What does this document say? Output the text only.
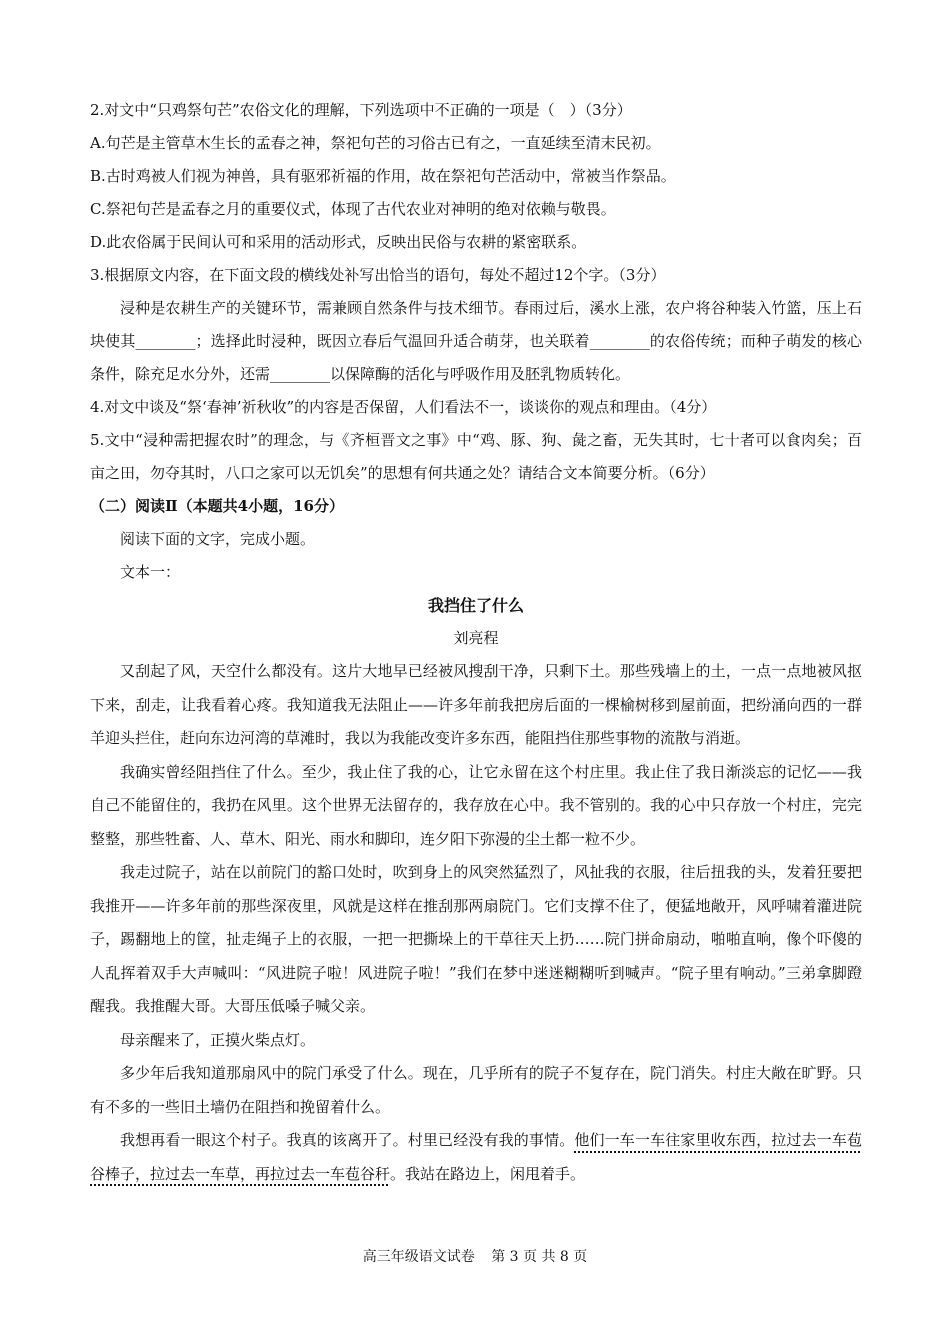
2.对文中“只鸡祭句芒”农俗文化的理解，下列选项中不正确的一项是（　）（3分）

A.句芒是主管草木生长的孟春之神，祭祀句芒的习俗古已有之，一直延续至清末民初。

B.古时鸡被人们视为神兽，具有驱邪祈福的作用，故在祭祀句芒活动中，常被当作祭品。

C.祭祀句芒是孟春之月的重要仪式，体现了古代农业对神明的绝对依赖与敬畏。

D.此农俗属于民间认可和采用的活动形式，反映出民俗与农耕的紧密联系。

3.根据原文内容，在下面文段的横线处补写出恰当的语句，每处不超过12个字。（3分）

浸种是农耕生产的关键环节，需兼顾自然条件与技术细节。春雨过后，溪水上涨，农户将谷种装入竹篮，压上石块使其________；选择此时浸种，既因立春后气温回升适合萌芽，也关联着________的农俗传统；而种子萌发的核心条件，除充足水分外，还需________以保障酶的活化与呼吸作用及胚乳物质转化。

4.对文中谈及“祭‘春神’祈秋收”的内容是否保留，人们看法不一，谈谈你的观点和理由。（4分）

5.文中“浸种需把握农时”的理念，与《齐桓晋文之事》中“鸡、豚、狗、彘之畜，无失其时，七十者可以食肉矣；百亩之田，勿夺其时，八口之家可以无饥矣”的思想有何共通之处？请结合文本简要分析。（6分）

（二）阅读Ⅱ（本题共4小题，16分）

阅读下面的文字，完成小题。

文本一：

我挡住了什么

刘亮程

又刮起了风，天空什么都没有。这片大地早已经被风搜刮干净，只剩下土。那些残墙上的土，一点一点地被风抠下来，刮走，让我看着心疼。我知道我无法阻止——许多年前我把房后面的一棵榆树移到屋前面，把纷涌向西的一群羊迎头拦住，赶向东边河湾的草滩时，我以为我能改变许多东西，能阻挡住那些事物的流散与消逝。

我确实曾经阻挡住了什么。至少，我止住了我的心，让它永留在这个村庄里。我止住了我日渐淡忘的记忆——我自己不能留住的，我扔在风里。这个世界无法留存的，我存放在心中。我不管别的。我的心中只存放一个村庄，完完整整，那些牲畜、人、草木、阳光、雨水和脚印，连夕阳下弥漫的尘土都一粒不少。

我走过院子，站在以前院门的豁口处时，吹到身上的风突然猛烈了，风扯我的衣服，往后扭我的头，发着狂要把我推开——许多年前的那些深夜里，风就是这样在推刮那两扇院门。它们支撑不住了，便猛地敞开，风呼啸着灌进院子，踢翻地上的筐，扯走绳子上的衣服，一把一把撕垛上的干草往天上扔……院门拼命扇动，啪啪直响，像个吓傻的人乱挥着双手大声喊叫：“风进院子啦！风进院子啦！”我们在梦中迷迷糊糊听到喊声。“院子里有响动。”三弟拿脚蹬醒我。我推醒大哥。大哥压低嗓子喊父亲。

母亲醒来了，正摸火柴点灯。

多少年后我知道那扇风中的院门承受了什么。现在，几乎所有的院子不复存在，院门消失。村庄大敞在旷野。只有不多的一些旧土墙仍在阻挡和挽留着什么。

我想再看一眼这个村子。我真的该离开了。村里已经没有我的事情。他们一车一车往家里收东西，拉过去一车苞谷棒子，拉过去一车草，再拉过去一车苞谷秆。我站在路边上，闲甩着手。

高三年级语文试卷 第 3 页 共 8 页
